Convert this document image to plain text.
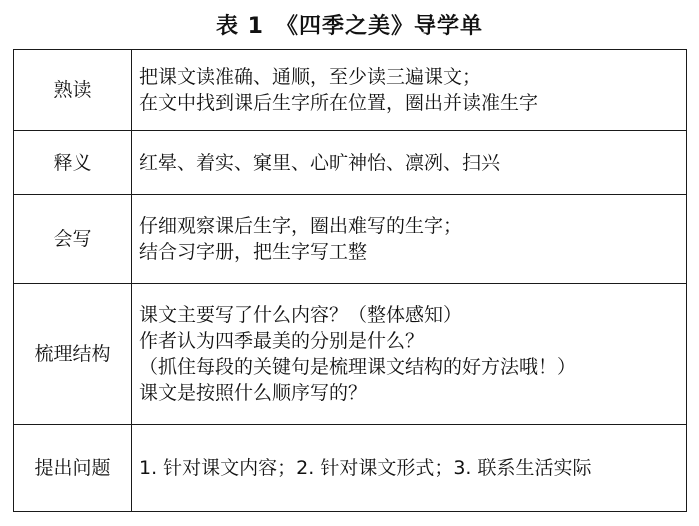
表 1　《四季之美》导学单
熟读	把课文读准确、通顺，至少读三遍课文；
在文中找到课后生字所在位置，圈出并读准生字

释义	红晕、着实、窠里、心旷神怡、凛冽、扫兴

会写	仔细观察课后生字，圈出难写的生字；
结合习字册，把生字写工整

梳理结构	课文主要写了什么内容？（整体感知）
作者认为四季最美的分别是什么？
（抓住每段的关键句是梳理课文结构的好方法哦！）
课文是按照什么顺序写的？

提出问题	1. 针对课文内容；2. 针对课文形式；3. 联系生活实际
